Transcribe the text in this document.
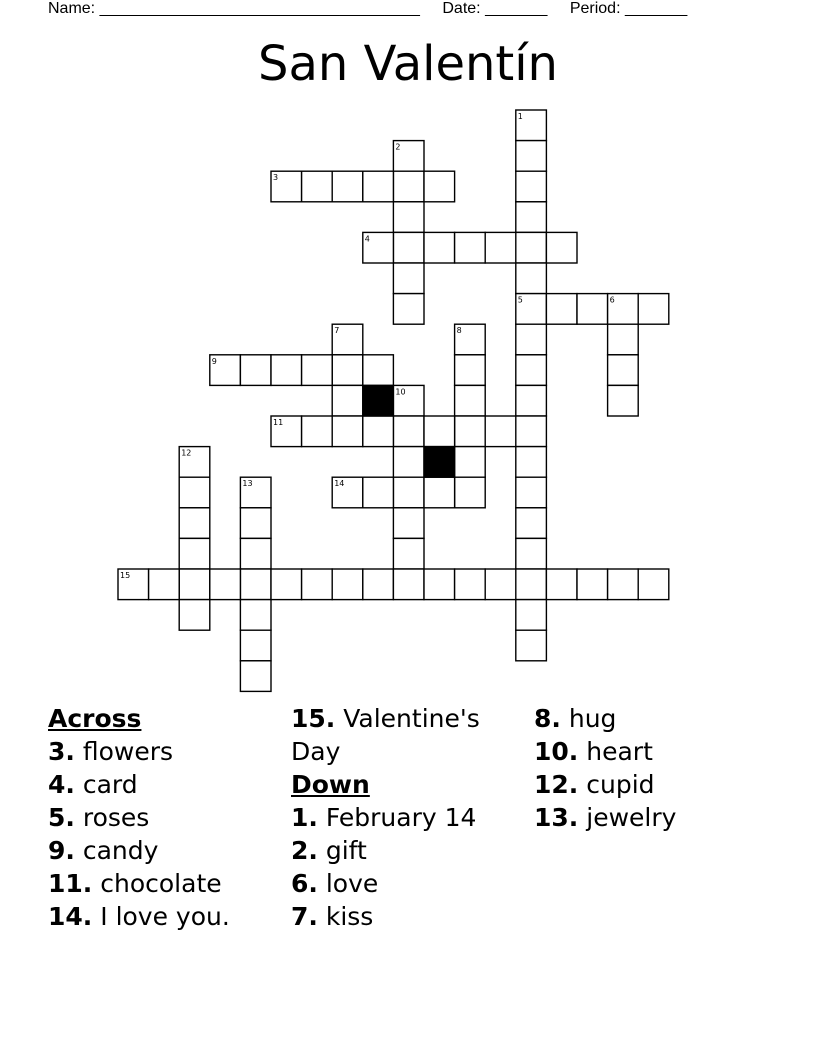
Name: ____________________________________ Date: _______ Period: _______
San Valentín
1
2
3
4
5	6
7	8
9
10
11
12
13	14
15
Across
3. flowers
4. card
5. roses
9. candy
11. chocolate
14. I love you.
15. Valentine's Day
Down
1. February 14
2. gift
6. love
7. kiss
8. hug
10. heart
12. cupid
13. jewelry
